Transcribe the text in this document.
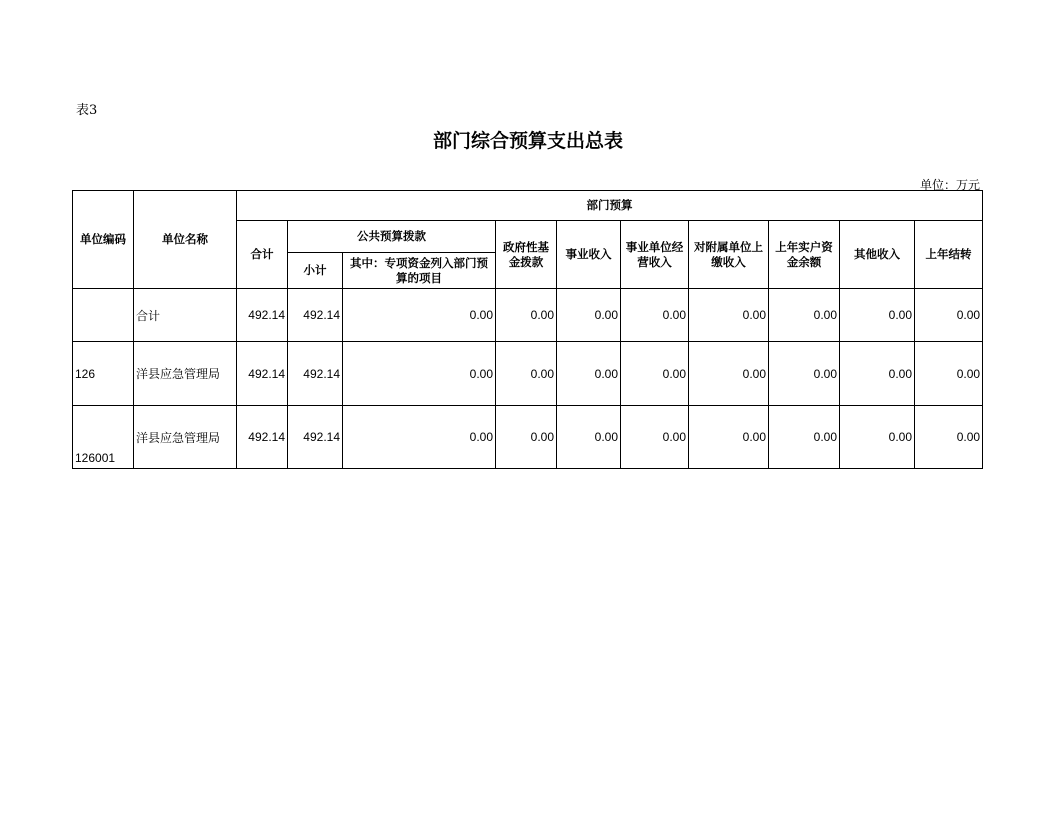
表3
部门综合预算支出总表
单位：万元
单位编码	单位名称	部门预算									
		合计	公共预算拨款		政府性基金拨款	事业收入	事业单位经营收入	对附属单位上缴收入	上年实户资金余额	其他收入	上年结转
			小计	其中：专项资金列入部门预算的项目							
	合计	492.14	492.14	0.00	0.00	0.00	0.00	0.00	0.00	0.00	0.00
126	洋县应急管理局	492.14	492.14	0.00	0.00	0.00	0.00	0.00	0.00	0.00	0.00
126001	洋县应急管理局	492.14	492.14	0.00	0.00	0.00	0.00	0.00	0.00	0.00	0.00
